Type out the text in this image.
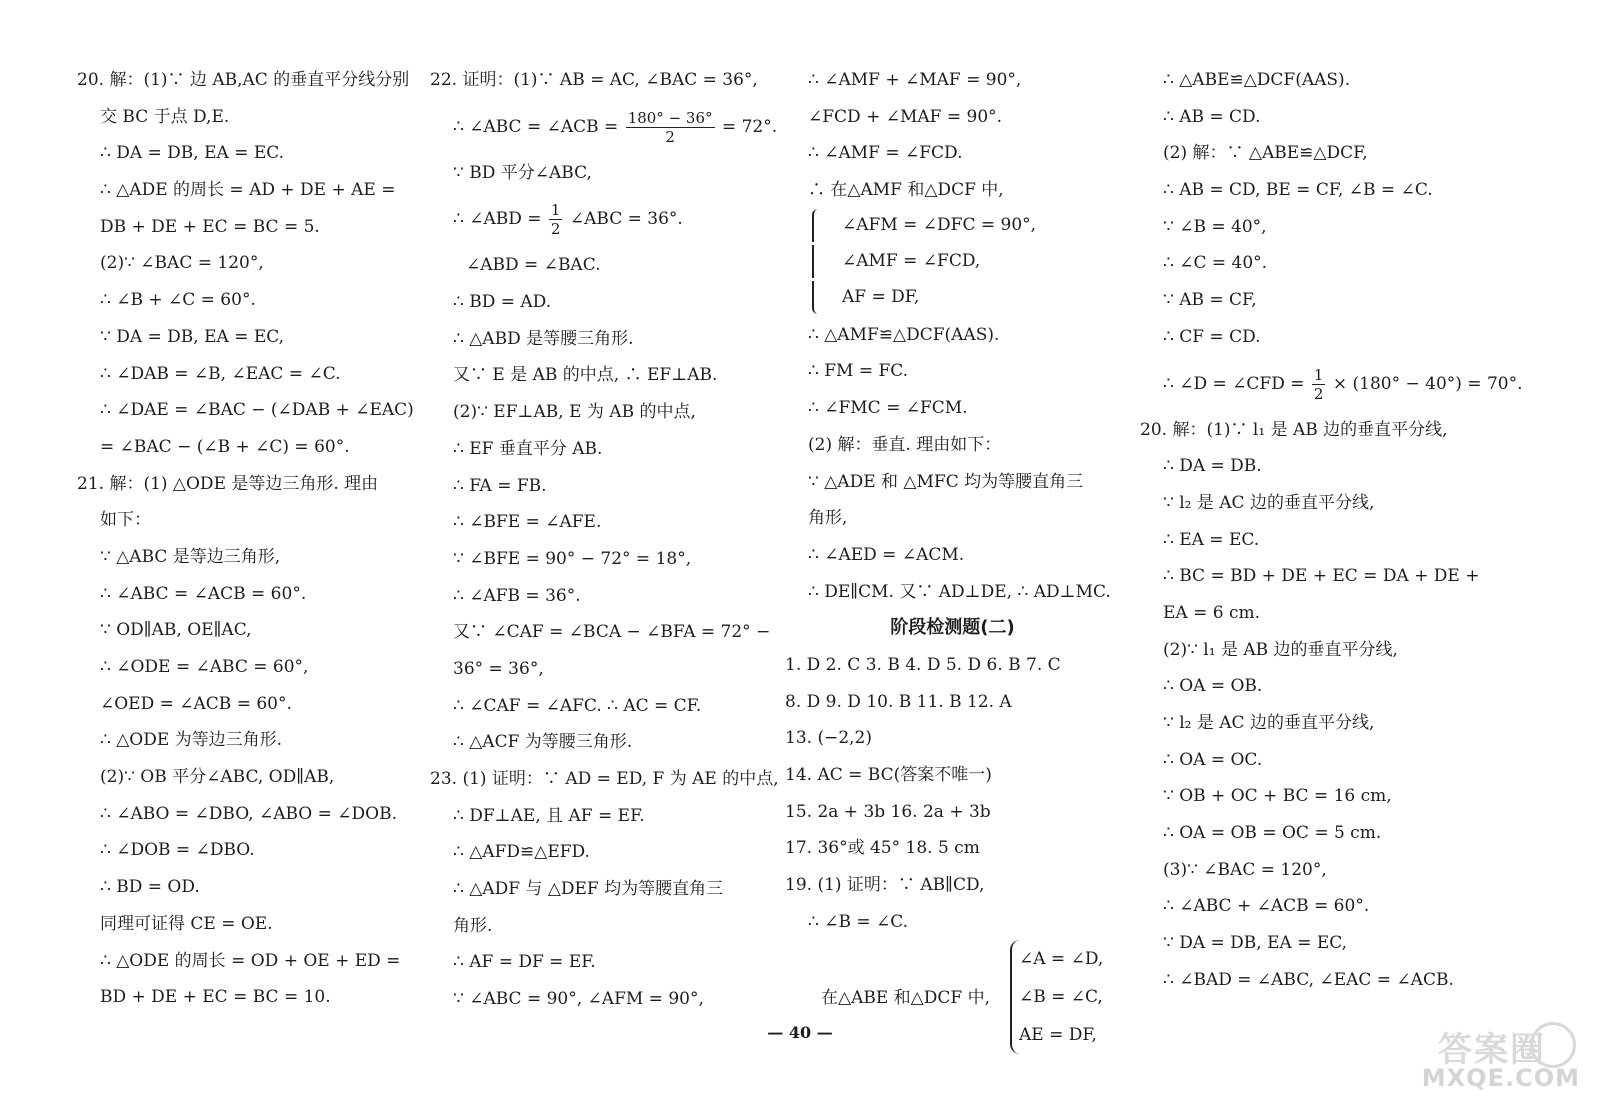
20. 解：(1)∵ 边 AB,AC 的垂直平分线分别
交 BC 于点 D,E.
∴ DA = DB, EA = EC.
∴ △ADE 的周长 = AD + DE + AE =
DB + DE + EC = BC = 5.
(2)∵ ∠BAC = 120°,
∴ ∠B + ∠C = 60°.
∵ DA = DB, EA = EC,
∴ ∠DAB = ∠B, ∠EAC = ∠C.
∴ ∠DAE = ∠BAC − (∠DAB + ∠EAC)
= ∠BAC − (∠B + ∠C) = 60°.
21. 解：(1) △ODE 是等边三角形. 理由
如下：
∵ △ABC 是等边三角形,
∴ ∠ABC = ∠ACB = 60°.
∵ OD∥AB, OE∥AC,
∴ ∠ODE = ∠ABC = 60°,
∠OED = ∠ACB = 60°.
∴ △ODE 为等边三角形.
(2)∵ OB 平分∠ABC, OD∥AB,
∴ ∠ABO = ∠DBO, ∠ABO = ∠DOB.
∴ ∠DOB = ∠DBO.
∴ BD = OD.
同理可证得 CE = OE.
∴ △ODE 的周长 = OD + OE + ED =
BD + DE + EC = BC = 10.
22. 证明：(1)∵ AB = AC, ∠BAC = 36°,
∴ ∠ABC = ∠ACB = $\frac{180^\circ - 36^\circ}{2} = 72^\circ$.
∵ BD 平分∠ABC,
∴ ∠ABD = $\frac{1}{2}$ ∠ABC = 36°.
∠ABD = ∠BAC.
∴ BD = AD.
∴ △ABD 是等腰三角形.
又∵ E 是 AB 的中点, ∴ EF⊥AB.
(2)∵ EF⊥AB, E 为 AB 的中点,
∴ EF 垂直平分 AB.
∴ FA = FB.
∴ ∠BFE = ∠AFE.
∵ ∠BFE = 90° − 72° = 18°,
∴ ∠AFB = 36°.
又∵ ∠CAF = ∠BCA − ∠BFA = 72° −
36° = 36°,
∴ ∠CAF = ∠AFC. ∴ AC = CF.
∴ △ACF 为等腰三角形.
23. (1) 证明：∵ AD = ED, F 为 AE 的中点,
∴ DF⊥AE, 且 AF = EF.
∴ △AFD≌△EFD.
∴ △ADF 与 △DEF 均为等腰直角三
角形.
∴ AF = DF = EF.
∵ ∠ABC = 90°, ∠AFM = 90°,
∴ ∠AMF + ∠MAF = 90°,
∠FCD + ∠MAF = 90°.
∴ ∠AMF = ∠FCD.
∴ 在△AMF 和△DCF 中,
∠AFM = ∠DFC = 90°,
∠AMF = ∠FCD,
AF = DF,
∴ △AMF≌△DCF(AAS).
∴ FM = FC.
∴ ∠FMC = ∠FCM.
(2) 解：垂直. 理由如下：
∵ △ADE 和 △MFC 均为等腰直角三
角形,
∴ ∠AED = ∠ACM.
∴ DE∥CM. 又∵ AD⊥DE, ∴ AD⊥MC.
阶段检测题(二)
1. D 2. C 3. B 4. D 5. D 6. B 7. C
8. D 9. D 10. B 11. B 12. A
13. (−2,2)
14. AC = BC(答案不唯一)
15. 2a + 3b 16. 2a + 3b
17. 36°或 45° 18. 5 cm
19. (1) 证明：∵ AB∥CD,
∴ ∠B = ∠C.
在△ABE 和△DCF 中,
∠A = ∠D,
∠B = ∠C,
AE = DF,
∴ △ABE≌△DCF(AAS).
∴ AB = CD.
(2) 解：∵ △ABE≌△DCF,
∴ AB = CD, BE = CF, ∠B = ∠C.
∵ ∠B = 40°,
∴ ∠C = 40°.
∵ AB = CF,
∴ CF = CD.
∴ ∠D = ∠CFD = $\frac{1}{2} \times (180^\circ - 40^\circ) = 70^\circ$.
20. 解：(1)∵ l₁ 是 AB 边的垂直平分线,
∴ DA = DB.
∵ l₂ 是 AC 边的垂直平分线,
∴ EA = EC.
∴ BC = BD + DE + EC = DA + DE +
EA = 6 cm.
(2)∵ l₁ 是 AB 边的垂直平分线,
∴ OA = OB.
∵ l₂ 是 AC 边的垂直平分线,
∴ OA = OC.
∵ OB + OC + BC = 16 cm,
∴ OA = OB = OC = 5 cm.
(3)∵ ∠BAC = 120°,
∴ ∠ABC + ∠ACB = 60°.
∵ DA = DB, EA = EC,
∴ ∠BAD = ∠ABC, ∠EAC = ∠ACB.
— 40 —	答案圈
MXQE.COM
